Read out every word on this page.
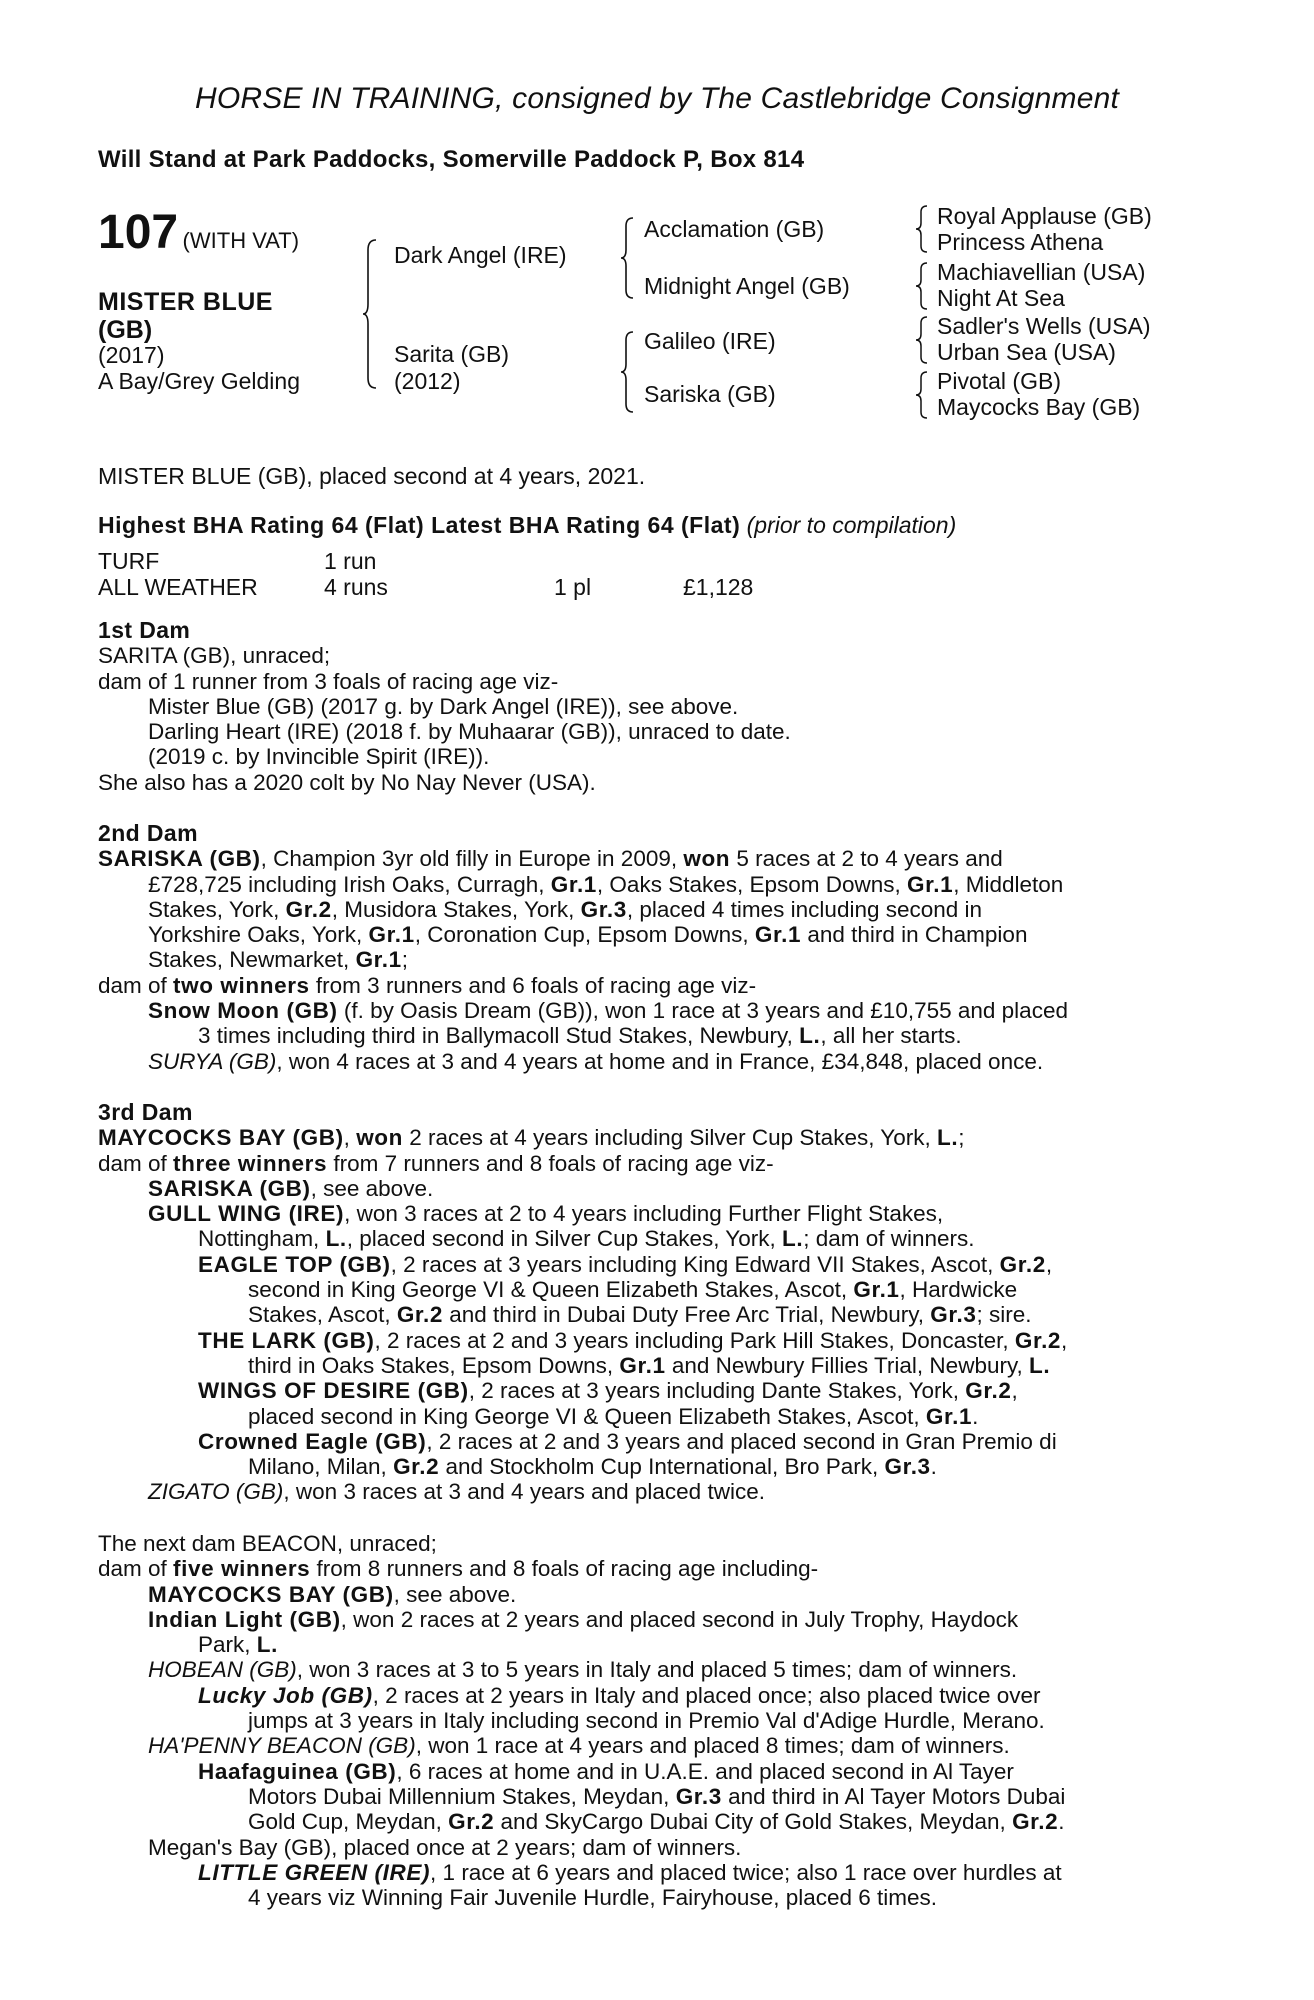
HORSE IN TRAINING, consigned by The Castlebridge Consignment
Will Stand at Park Paddocks, Somerville Paddock P, Box 814
107 (WITH VAT)
MISTER BLUE
(GB)
(2017)
A Bay/Grey Gelding
Dark Angel (IRE)
Sarita (GB)
(2012)
Acclamation (GB)
Midnight Angel (GB)
Galileo (IRE)
Sariska (GB)
Royal Applause (GB)
Princess Athena
Machiavellian (USA)
Night At Sea
Sadler's Wells (USA)
Urban Sea (USA)
Pivotal (GB)
Maycocks Bay (GB)
MISTER BLUE (GB), placed second at 4 years, 2021.
Highest BHA Rating 64 (Flat) Latest BHA Rating 64 (Flat) (prior to compilation)
TURF	1 run
ALL WEATHER	4 runs	1 pl	£1,128
1st Dam
SARITA (GB), unraced;
dam of 1 runner from 3 foals of racing age viz-
Mister Blue (GB) (2017 g. by Dark Angel (IRE)), see above.
Darling Heart (IRE) (2018 f. by Muhaarar (GB)), unraced to date.
(2019 c. by Invincible Spirit (IRE)).
She also has a 2020 colt by No Nay Never (USA).
2nd Dam
SARISKA (GB), Champion 3yr old filly in Europe in 2009, won 5 races at 2 to 4 years and
£728,725 including Irish Oaks, Curragh, Gr.1, Oaks Stakes, Epsom Downs, Gr.1, Middleton
Stakes, York, Gr.2, Musidora Stakes, York, Gr.3, placed 4 times including second in
Yorkshire Oaks, York, Gr.1, Coronation Cup, Epsom Downs, Gr.1 and third in Champion
Stakes, Newmarket, Gr.1;
dam of two winners from 3 runners and 6 foals of racing age viz-
Snow Moon (GB) (f. by Oasis Dream (GB)), won 1 race at 3 years and £10,755 and placed
3 times including third in Ballymacoll Stud Stakes, Newbury, L., all her starts.
SURYA (GB), won 4 races at 3 and 4 years at home and in France, £34,848, placed once.
3rd Dam
MAYCOCKS BAY (GB), won 2 races at 4 years including Silver Cup Stakes, York, L.;
dam of three winners from 7 runners and 8 foals of racing age viz-
SARISKA (GB), see above.
GULL WING (IRE), won 3 races at 2 to 4 years including Further Flight Stakes,
Nottingham, L., placed second in Silver Cup Stakes, York, L.; dam of winners.
EAGLE TOP (GB), 2 races at 3 years including King Edward VII Stakes, Ascot, Gr.2,
second in King George VI & Queen Elizabeth Stakes, Ascot, Gr.1, Hardwicke
Stakes, Ascot, Gr.2 and third in Dubai Duty Free Arc Trial, Newbury, Gr.3; sire.
THE LARK (GB), 2 races at 2 and 3 years including Park Hill Stakes, Doncaster, Gr.2,
third in Oaks Stakes, Epsom Downs, Gr.1 and Newbury Fillies Trial, Newbury, L.
WINGS OF DESIRE (GB), 2 races at 3 years including Dante Stakes, York, Gr.2,
placed second in King George VI & Queen Elizabeth Stakes, Ascot, Gr.1.
Crowned Eagle (GB), 2 races at 2 and 3 years and placed second in Gran Premio di
Milano, Milan, Gr.2 and Stockholm Cup International, Bro Park, Gr.3.
ZIGATO (GB), won 3 races at 3 and 4 years and placed twice.
The next dam BEACON, unraced;
dam of five winners from 8 runners and 8 foals of racing age including-
MAYCOCKS BAY (GB), see above.
Indian Light (GB), won 2 races at 2 years and placed second in July Trophy, Haydock
Park, L.
HOBEAN (GB), won 3 races at 3 to 5 years in Italy and placed 5 times; dam of winners.
Lucky Job (GB), 2 races at 2 years in Italy and placed once; also placed twice over
jumps at 3 years in Italy including second in Premio Val d'Adige Hurdle, Merano.
HA'PENNY BEACON (GB), won 1 race at 4 years and placed 8 times; dam of winners.
Haafaguinea (GB), 6 races at home and in U.A.E. and placed second in Al Tayer
Motors Dubai Millennium Stakes, Meydan, Gr.3 and third in Al Tayer Motors Dubai
Gold Cup, Meydan, Gr.2 and SkyCargo Dubai City of Gold Stakes, Meydan, Gr.2.
Megan's Bay (GB), placed once at 2 years; dam of winners.
LITTLE GREEN (IRE), 1 race at 6 years and placed twice; also 1 race over hurdles at
4 years viz Winning Fair Juvenile Hurdle, Fairyhouse, placed 6 times.
